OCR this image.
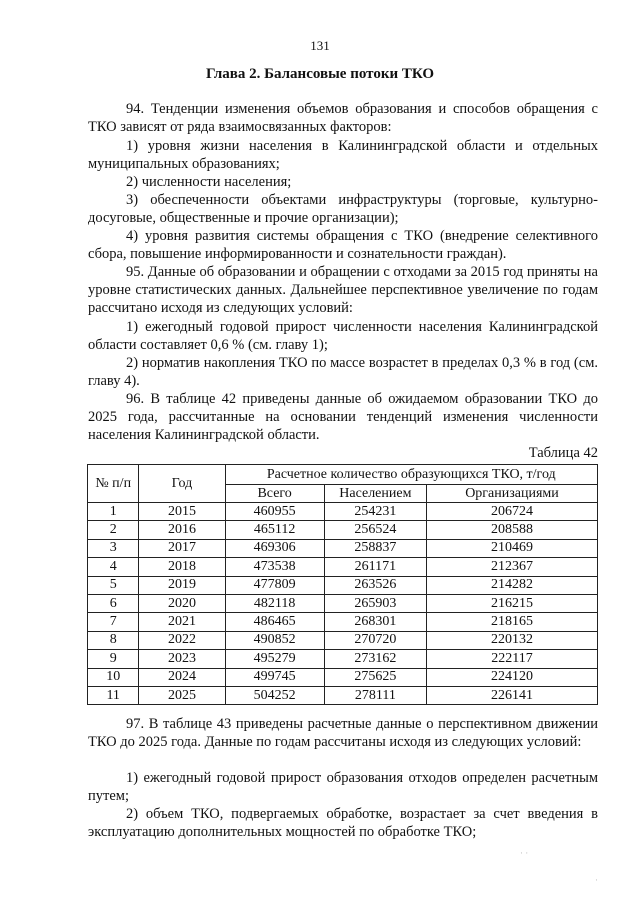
131
Глава 2. Балансовые потоки ТКО

94. Тенденции изменения объемов образования и способов обращения с ТКО зависят от ряда взаимосвязанных факторов:

1) уровня жизни населения в Калининградской области и отдельных муниципальных образованиях;

2) численности населения;

3) обеспеченности объектами инфраструктуры (торговые, культурно-досуговые, общественные и прочие организации);

4) уровня развития системы обращения с ТКО (внедрение селективного сбора, повышение информированности и сознательности граждан).

95. Данные об образовании и обращении с отходами за 2015 год приняты на уровне статистических данных. Дальнейшее перспективное увеличение по годам рассчитано исходя из следующих условий:

1) ежегодный годовой прирост численности населения Калининградской области составляет 0,6 % (см. главу 1);

2) норматив накопления ТКО по массе возрастет в пределах 0,3 % в год (см. главу 4).

96. В таблице 42 приведены данные об ожидаемом образовании ТКО до 2025 года, рассчитанные на основании тенденций изменения численности населения Калининградской области.

Таблица 42
№ п/п	Год	Расчетное количество образующихся ТКО, т/год		
		Всего	Населением	Организациями
1	2015	460955	254231	206724
2	2016	465112	256524	208588
3	2017	469306	258837	210469
4	2018	473538	261171	212367
5	2019	477809	263526	214282
6	2020	482118	265903	216215
7	2021	486465	268301	218165
8	2022	490852	270720	220132
9	2023	495279	273162	222117
10	2024	499745	275625	224120
11	2025	504252	278111	226141

97. В таблице 43 приведены расчетные данные о перспективном движении ТКО до 2025 года. Данные по годам рассчитаны исходя из следующих условий:

1) ежегодный годовой прирост образования отходов определен расчетным путем;

2) объем ТКО, подвергаемых обработке, возрастает за счет введения в эксплуатацию дополнительных мощностей по обработке ТКО;

· ·
·
